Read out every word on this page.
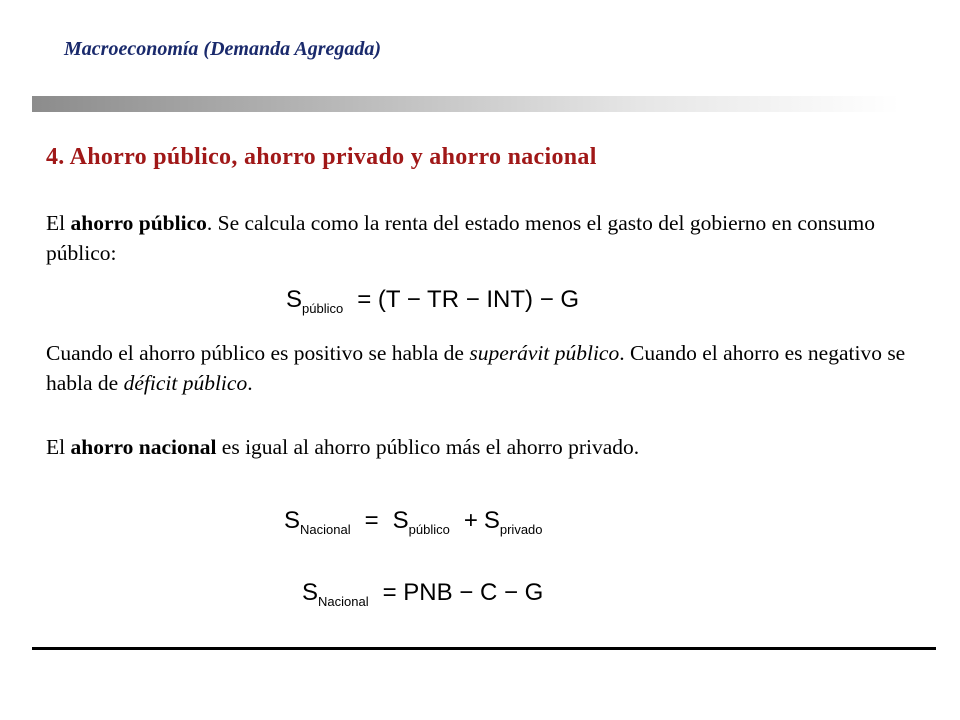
Macroeconomía (Demanda Agregada)
4. Ahorro público, ahorro privado y ahorro nacional
El ahorro público. Se calcula como la renta del estado menos el gasto del gobierno en consumo público:
$S_{público} = (T$ − TR − INT) − G
Cuando el ahorro público es positivo se habla de superávit público. Cuando el ahorro es negativo se habla de déficit público.
El ahorro nacional es igual al ahorro público más el ahorro privado.
$S_{Nacional} = S_{público} + S_{privado}$
$S_{Nacional}$ = PNB − C − G
